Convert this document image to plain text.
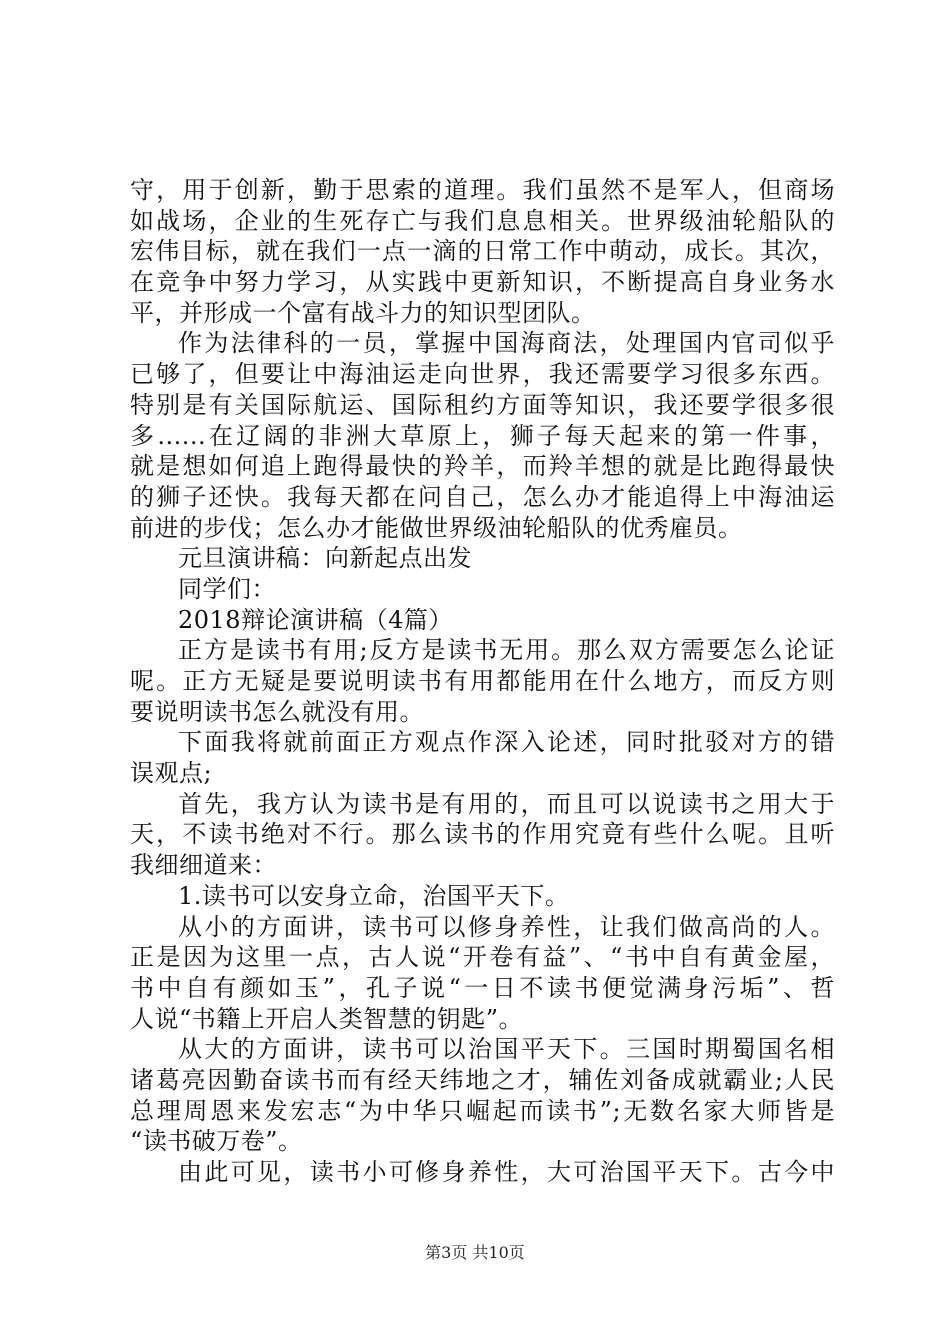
守，用于创新，勤于思索的道理。我们虽然不是军人，但商场
如战场，企业的生死存亡与我们息息相关。世界级油轮船队的
宏伟目标，就在我们一点一滴的日常工作中萌动，成长。其次，
在竞争中努力学习，从实践中更新知识，不断提高自身业务水
平，并形成一个富有战斗力的知识型团队。
作为法律科的一员，掌握中国海商法，处理国内官司似乎
已够了，但要让中海油运走向世界，我还需要学习很多东西。
特别是有关国际航运、国际租约方面等知识，我还要学很多很
多......在辽阔的非洲大草原上，狮子每天起来的第一件事，
就是想如何追上跑得最快的羚羊，而羚羊想的就是比跑得最快
的狮子还快。我每天都在问自己，怎么办才能追得上中海油运
前进的步伐；怎么办才能做世界级油轮船队的优秀雇员。
元旦演讲稿：向新起点出发
同学们：
2018辩论演讲稿（4篇）
正方是读书有用;反方是读书无用。那么双方需要怎么论证
呢。正方无疑是要说明读书有用都能用在什么地方，而反方则
要说明读书怎么就没有用。
下面我将就前面正方观点作深入论述，同时批驳对方的错
误观点;
首先，我方认为读书是有用的，而且可以说读书之用大于
天，不读书绝对不行。那么读书的作用究竟有些什么呢。且听
我细细道来：
1.读书可以安身立命，治国平天下。
从小的方面讲，读书可以修身养性，让我们做高尚的人。
正是因为这里一点，古人说“开卷有益”、“书中自有黄金屋，
书中自有颜如玉”，孔子说“一日不读书便觉满身污垢”、哲
人说“书籍上开启人类智慧的钥匙”。
从大的方面讲，读书可以治国平天下。三国时期蜀国名相
诸葛亮因勤奋读书而有经天纬地之才，辅佐刘备成就霸业;人民
总理周恩来发宏志“为中华只崛起而读书”;无数名家大师皆是
“读书破万卷”。
由此可见，读书小可修身养性，大可治国平天下。古今中
第3页 共10页
